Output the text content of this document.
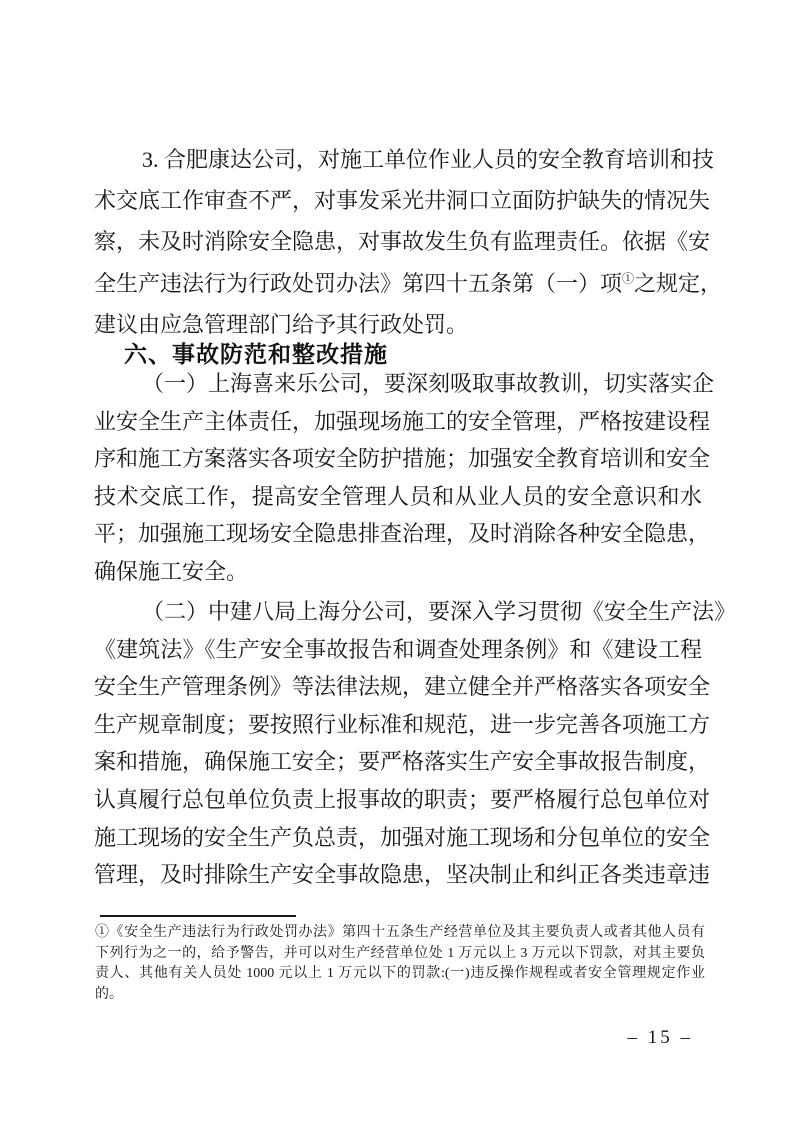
3. 合肥康达公司，对施工单位作业人员的安全教育培训和技
术交底工作审查不严，对事发采光井洞口立面防护缺失的情况失
察，未及时消除安全隐患，对事故发生负有监理责任。依据《安
全生产违法行为行政处罚办法》第四十五条第（一）项①之规定，
建议由应急管理部门给予其行政处罚。
六、事故防范和整改措施
（一）上海喜来乐公司，要深刻吸取事故教训，切实落实企
业安全生产主体责任，加强现场施工的安全管理，严格按建设程
序和施工方案落实各项安全防护措施；加强安全教育培训和安全
技术交底工作，提高安全管理人员和从业人员的安全意识和水
平；加强施工现场安全隐患排查治理，及时消除各种安全隐患，
确保施工安全。
（二）中建八局上海分公司，要深入学习贯彻《安全生产法》
《建筑法》《生产安全事故报告和调查处理条例》和《建设工程
安全生产管理条例》等法律法规，建立健全并严格落实各项安全
生产规章制度；要按照行业标准和规范，进一步完善各项施工方
案和措施，确保施工安全；要严格落实生产安全事故报告制度，
认真履行总包单位负责上报事故的职责；要严格履行总包单位对
施工现场的安全生产负总责，加强对施工现场和分包单位的安全
管理，及时排除生产安全事故隐患，坚决制止和纠正各类违章违
①《安全生产违法行为行政处罚办法》第四十五条生产经营单位及其主要负责人或者其他人员有
下列行为之一的，给予警告，并可以对生产经营单位处 1 万元以上 3 万元以下罚款，对其主要负
责人、其他有关人员处 1000 元以上 1 万元以下的罚款:(一)违反操作规程或者安全管理规定作业
的。
– 15 –
